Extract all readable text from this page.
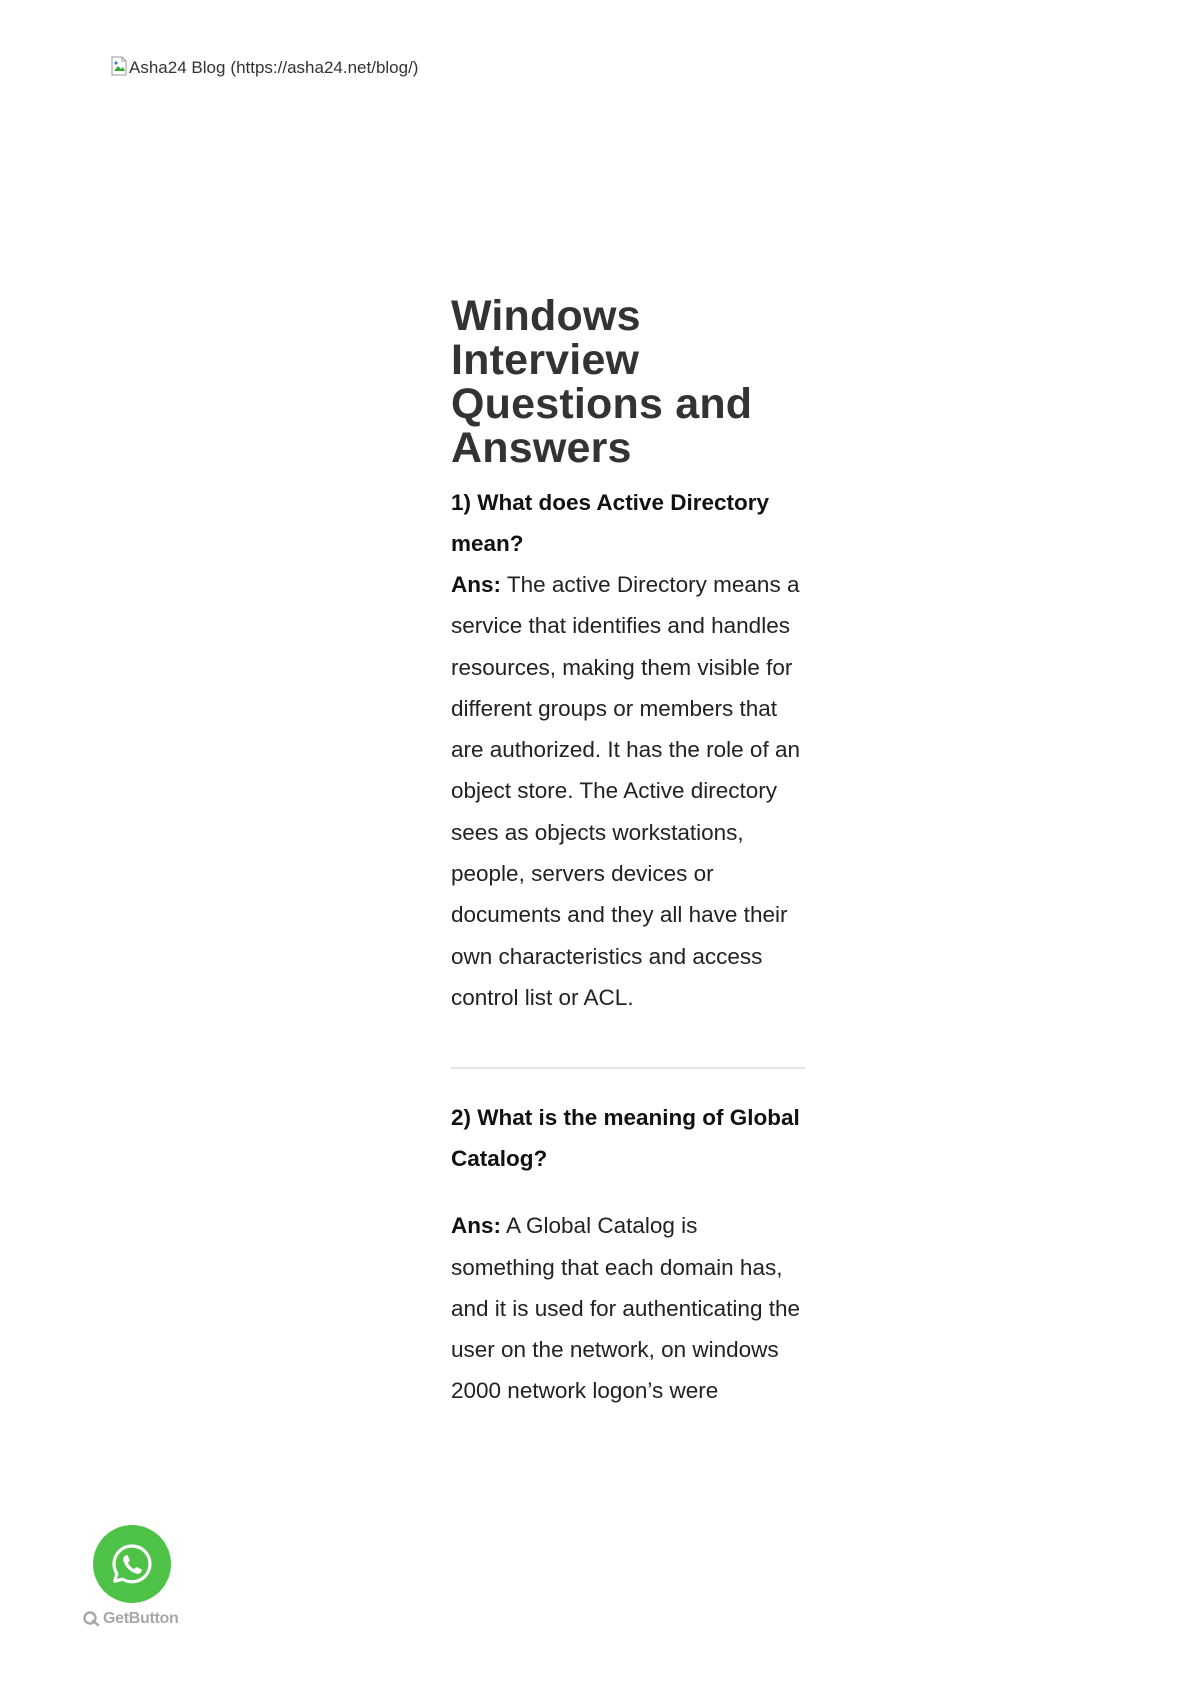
Asha24 Blog (https://asha24.net/blog/)
Windows Interview Questions and Answers

1) What does Active Directory mean?

Ans: The active Directory means a service that identifies and handles resources, making them visible for different groups or members that are authorized. It has the role of an object store. The Active directory sees as objects workstations, people, servers devices or documents and they all have their own characteristics and access control list or ACL.

2) What is the meaning of Global Catalog?

Ans: A Global Catalog is something that each domain has, and it is used for authenticating the user on the network, on windows 2000 network logon’s were

GetButton
